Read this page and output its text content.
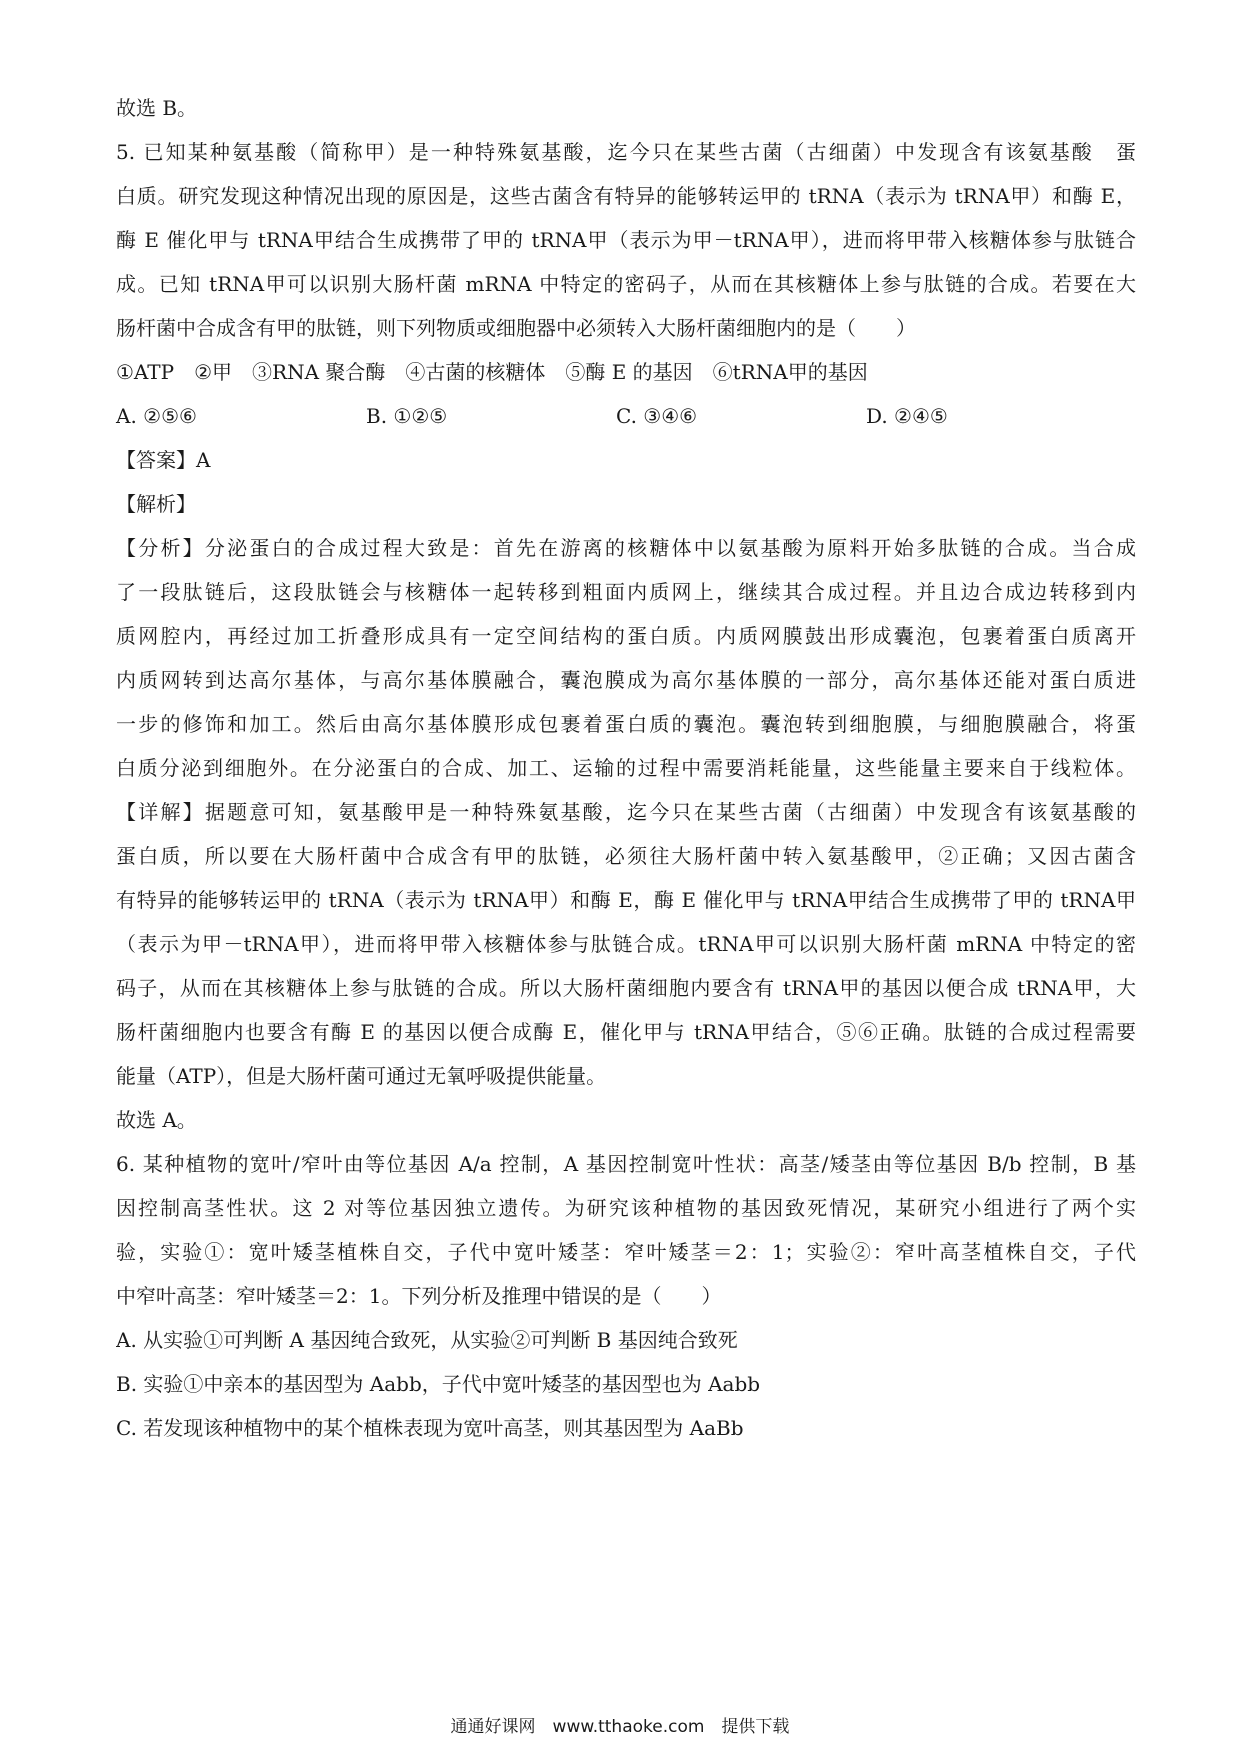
故选 B。
5. 已知某种氨基酸（简称甲）是一种特殊氨基酸，迄今只在某些古菌（古细菌）中发现含有该氨基酸　蛋
白质。研究发现这种情况出现的原因是，这些古菌含有特异的能够转运甲的 tRNA（表示为 tRNA甲）和酶 E，
酶 E 催化甲与 tRNA甲结合生成携带了甲的 tRNA甲（表示为甲－tRNA甲），进而将甲带入核糖体参与肽链合
成。已知 tRNA甲可以识别大肠杆菌 mRNA 中特定的密码子，从而在其核糖体上参与肽链的合成。若要在大
肠杆菌中合成含有甲的肽链，则下列物质或细胞器中必须转入大肠杆菌细胞内的是（　　）
①ATP　②甲　③RNA 聚合酶　④古菌的核糖体　⑤酶 E 的基因　⑥tRNA甲的基因
A. ②⑤⑥	B. ①②⑤	C. ③④⑥	D. ②④⑤
【答案】A
【解析】
【分析】分泌蛋白的合成过程大致是：首先在游离的核糖体中以氨基酸为原料开始多肽链的合成。当合成
了一段肽链后，这段肽链会与核糖体一起转移到粗面内质网上，继续其合成过程。并且边合成边转移到内
质网腔内，再经过加工折叠形成具有一定空间结构的蛋白质。内质网膜鼓出形成囊泡，包裹着蛋白质离开
内质网转到达高尔基体，与高尔基体膜融合，囊泡膜成为高尔基体膜的一部分，高尔基体还能对蛋白质进
一步的修饰和加工。然后由高尔基体膜形成包裹着蛋白质的囊泡。囊泡转到细胞膜，与细胞膜融合，将蛋
白质分泌到细胞外。在分泌蛋白的合成、加工、运输的过程中需要消耗能量，这些能量主要来自于线粒体。
【详解】据题意可知，氨基酸甲是一种特殊氨基酸，迄今只在某些古菌（古细菌）中发现含有该氨基酸的
蛋白质，所以要在大肠杆菌中合成含有甲的肽链，必须往大肠杆菌中转入氨基酸甲，②正确；又因古菌含
有特异的能够转运甲的 tRNA（表示为 tRNA甲）和酶 E，酶 E 催化甲与 tRNA甲结合生成携带了甲的 tRNA甲
（表示为甲－tRNA甲），进而将甲带入核糖体参与肽链合成。tRNA甲可以识别大肠杆菌 mRNA 中特定的密
码子，从而在其核糖体上参与肽链的合成。所以大肠杆菌细胞内要含有 tRNA甲的基因以便合成 tRNA甲，大
肠杆菌细胞内也要含有酶 E 的基因以便合成酶 E，催化甲与 tRNA甲结合，⑤⑥正确。肽链的合成过程需要
能量（ATP），但是大肠杆菌可通过无氧呼吸提供能量。
故选 A。
6. 某种植物的宽叶/窄叶由等位基因 A/a 控制，A 基因控制宽叶性状：高茎/矮茎由等位基因 B/b 控制，B 基
因控制高茎性状。这 2 对等位基因独立遗传。为研究该种植物的基因致死情况，某研究小组进行了两个实
验，实验①：宽叶矮茎植株自交，子代中宽叶矮茎：窄叶矮茎＝2：1；实验②：窄叶高茎植株自交，子代
中窄叶高茎：窄叶矮茎＝2：1。下列分析及推理中错误的是（　　）
A. 从实验①可判断 A 基因纯合致死，从实验②可判断 B 基因纯合致死
B. 实验①中亲本的基因型为 Aabb，子代中宽叶矮茎的基因型也为 Aabb
C. 若发现该种植物中的某个植株表现为宽叶高茎，则其基因型为 AaBb
通通好课网　www.tthaoke.com　提供下载
